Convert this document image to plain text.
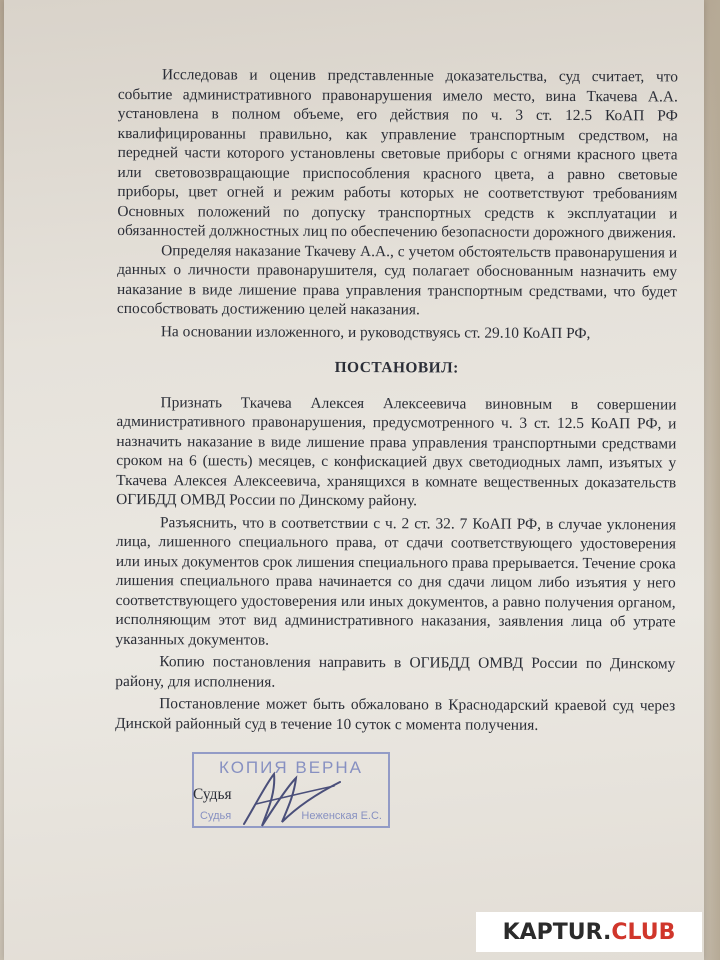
Исследовав и оценив представленные доказательства, суд считает, что событие административного правонарушения имело место, вина Ткачева А.А. установлена в полном объеме, его действия по ч. 3 ст. 12.5 КоАП РФ квалифицированны правильно, как управление транспортным средством, на передней части которого установлены световые приборы с огнями красного цвета или световозвращающие приспособления красного цвета, а равно световые приборы, цвет огней и режим работы которых не соответствуют требованиям Основных положений по допуску транспортных средств к эксплуатации и обязанностей должностных лиц по обеспечению безопасности дорожного движения.

Определяя наказание Ткачеву А.А., с учетом обстоятельств правонарушения и данных о личности правонарушителя, суд полагает обоснованным назначить ему наказание в виде лишение права управления транспортным средствами, что будет способствовать достижению целей наказания.

На основании изложенного, и руководствуясь ст. 29.10 КоАП РФ,

ПОСТАНОВИЛ:

Признать Ткачева Алексея Алексеевича виновным в совершении административного правонарушения, предусмотренного ч. 3 ст. 12.5 КоАП РФ, и назначить наказание в виде лишение права управления транспортными средствами сроком на 6 (шесть) месяцев, с конфискацией двух светодиодных ламп, изъятых у Ткачева Алексея Алексеевича, хранящихся в комнате вещественных доказательств ОГИБДД ОМВД России по Динскому району.

Разъяснить, что в соответствии с ч. 2 ст. 32. 7 КоАП РФ, в случае уклонения лица, лишенного специального права, от сдачи соответствующего удостоверения или иных документов срок лишения специального права прерывается. Течение срока лишения специального права начинается со дня сдачи лицом либо изъятия у него соответствующего удостоверения или иных документов, а равно получения органом, исполняющим этот вид административного наказания, заявления лица об утрате указанных документов.

Копию постановления направить в ОГИБДД ОМВД России по Динскому району, для исполнения.

Постановление может быть обжаловано в Краснодарский краевой суд через Динской районный суд в течение 10 суток с момента получения.

КОПИЯ ВЕРНА
Судья	Неженская Е.С.
Судья
KAPTUR. CLUB
